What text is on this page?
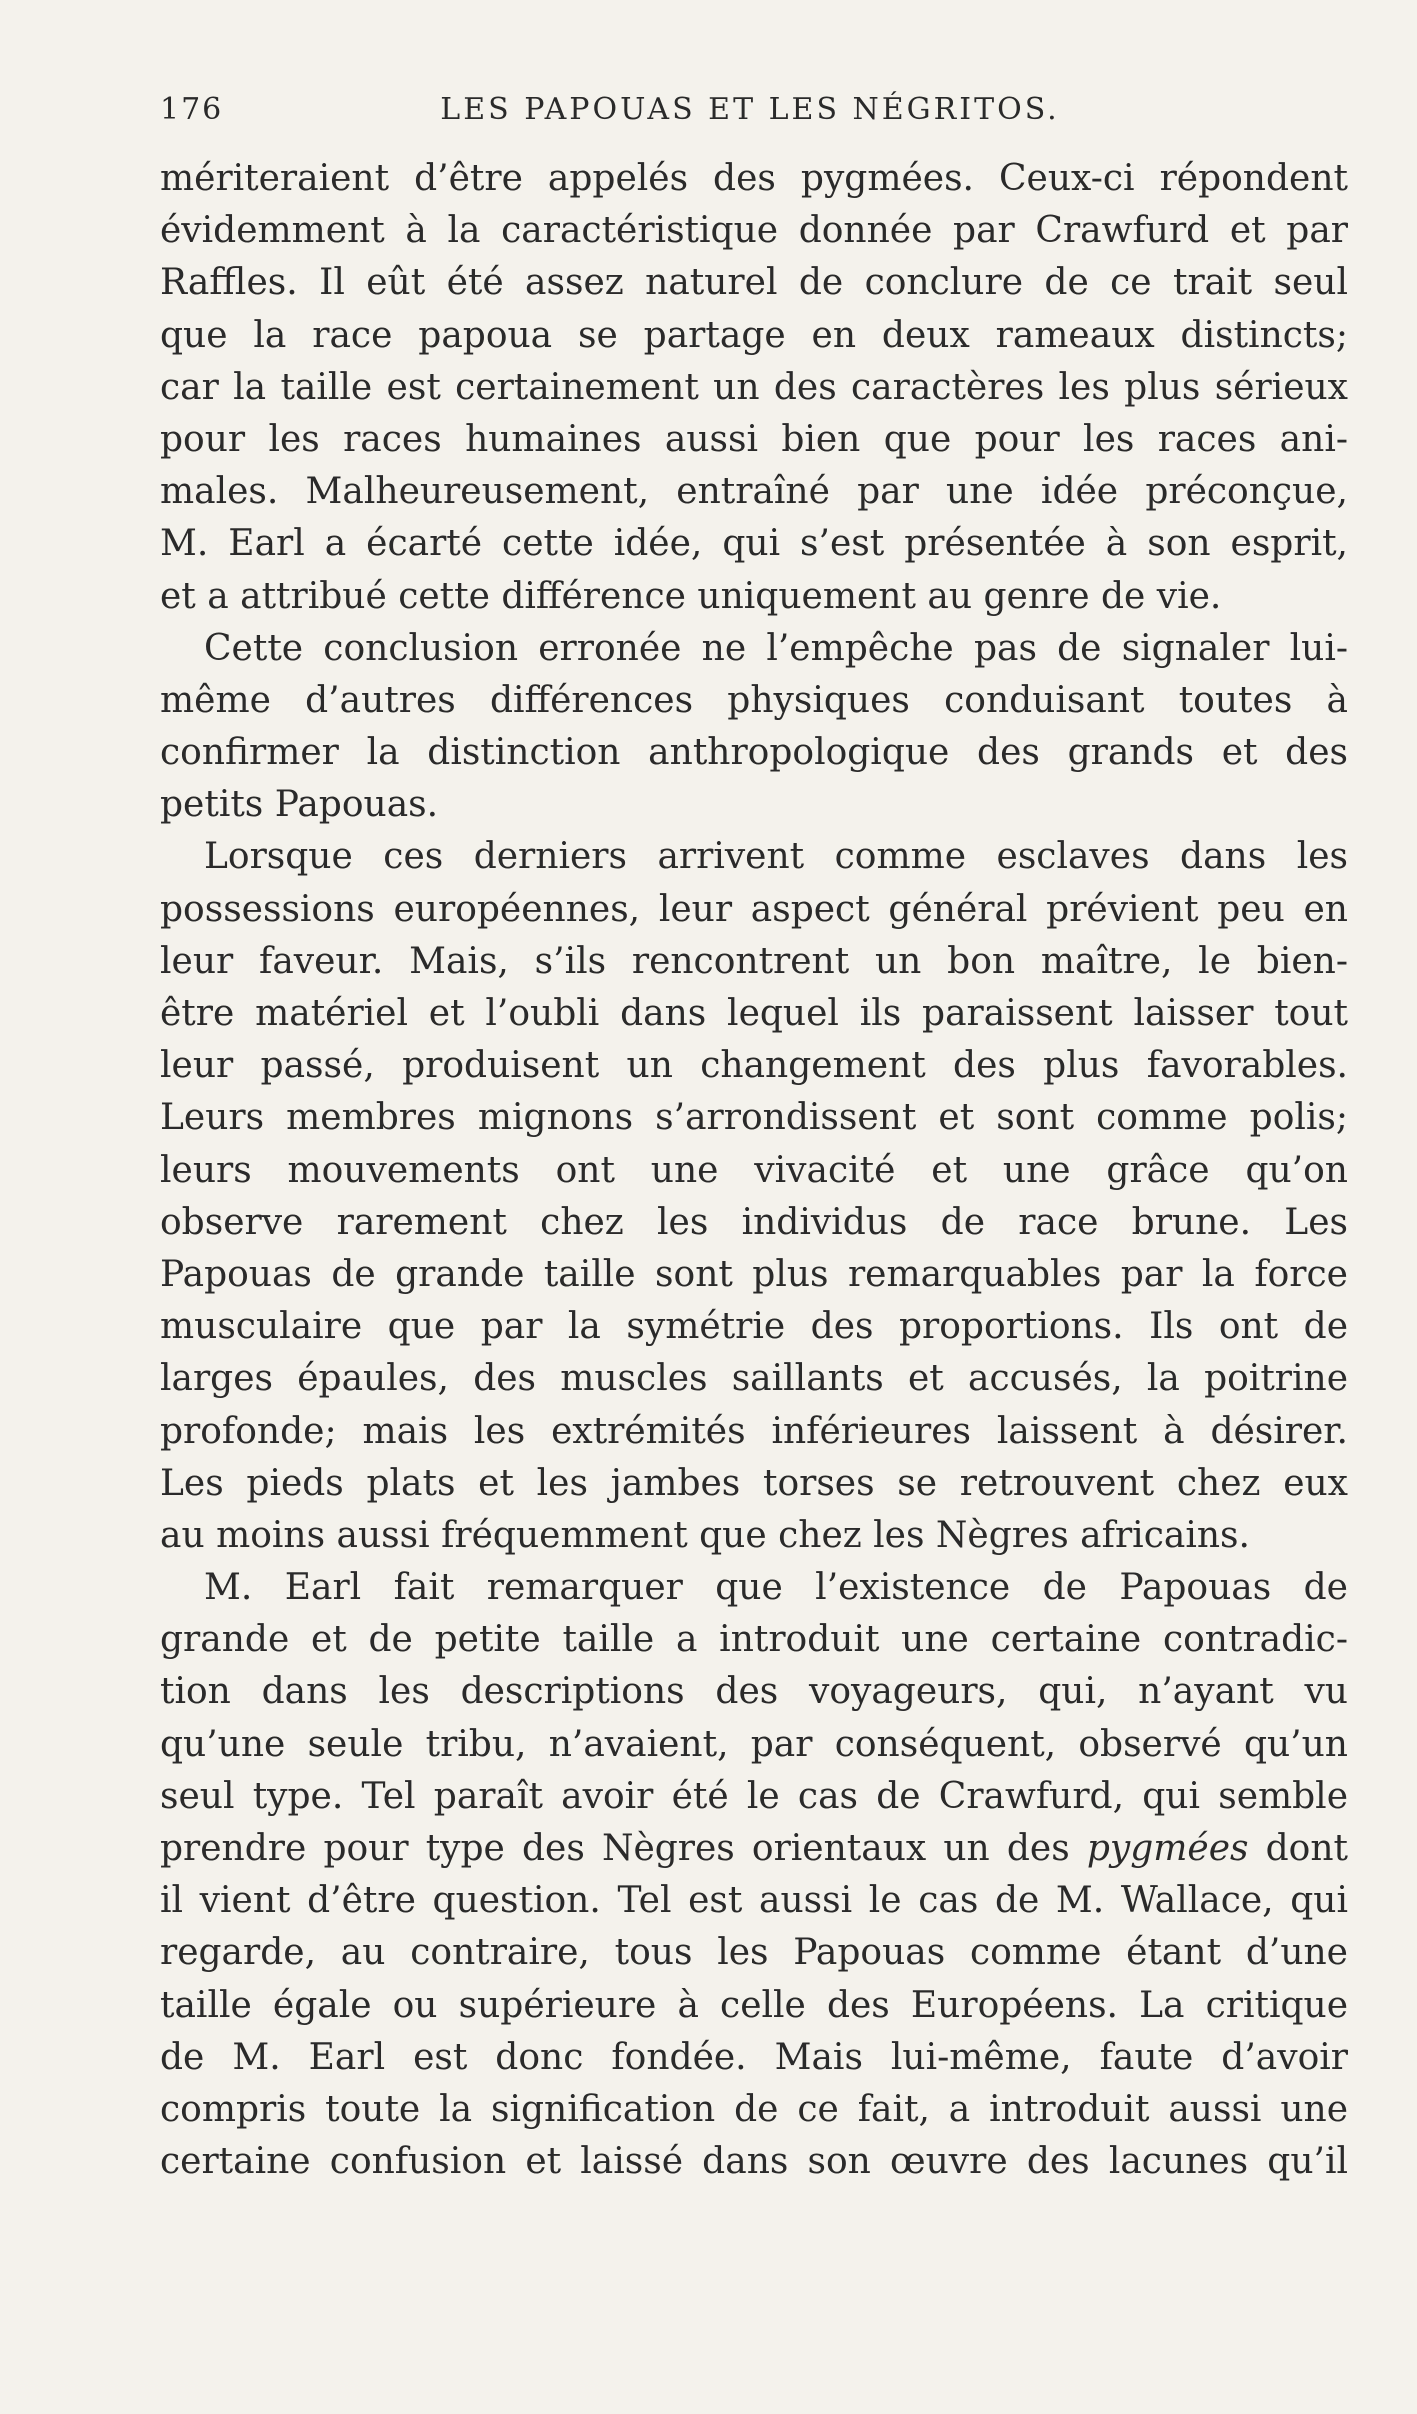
176	LES PAPOUAS ET LES NÉGRITOS.
mériteraient d’être appelés des pygmées. Ceux-ci répondent
évidemment à la caractéristique donnée par Crawfurd et par
Raffles. Il eût été assez naturel de conclure de ce trait seul
que la race papoua se partage en deux rameaux distincts;
car la taille est certainement un des caractères les plus sérieux
pour les races humaines aussi bien que pour les races ani-
males. Malheureusement, entraîné par une idée préconçue,
M. Earl a écarté cette idée, qui s’est présentée à son esprit,
et a attribué cette différence uniquement au genre de vie.
Cette conclusion erronée ne l’empêche pas de signaler lui-
même d’autres différences physiques conduisant toutes à
confirmer la distinction anthropologique des grands et des
petits Papouas.
Lorsque ces derniers arrivent comme esclaves dans les
possessions européennes, leur aspect général prévient peu en
leur faveur. Mais, s’ils rencontrent un bon maître, le bien-
être matériel et l’oubli dans lequel ils paraissent laisser tout
leur passé, produisent un changement des plus favorables.
Leurs membres mignons s’arrondissent et sont comme polis;
leurs mouvements ont une vivacité et une grâce qu’on
observe rarement chez les individus de race brune. Les
Papouas de grande taille sont plus remarquables par la force
musculaire que par la symétrie des proportions. Ils ont de
larges épaules, des muscles saillants et accusés, la poitrine
profonde; mais les extrémités inférieures laissent à désirer.
Les pieds plats et les jambes torses se retrouvent chez eux
au moins aussi fréquemment que chez les Nègres africains.
M. Earl fait remarquer que l’existence de Papouas de
grande et de petite taille a introduit une certaine contradic-
tion dans les descriptions des voyageurs, qui, n’ayant vu
qu’une seule tribu, n’avaient, par conséquent, observé qu’un
seul type. Tel paraît avoir été le cas de Crawfurd, qui semble
prendre pour type des Nègres orientaux un des pygmées dont
il vient d’être question. Tel est aussi le cas de M. Wallace, qui
regarde, au contraire, tous les Papouas comme étant d’une
taille égale ou supérieure à celle des Européens. La critique
de M. Earl est donc fondée. Mais lui-même, faute d’avoir
compris toute la signification de ce fait, a introduit aussi une
certaine confusion et laissé dans son œuvre des lacunes qu’il
